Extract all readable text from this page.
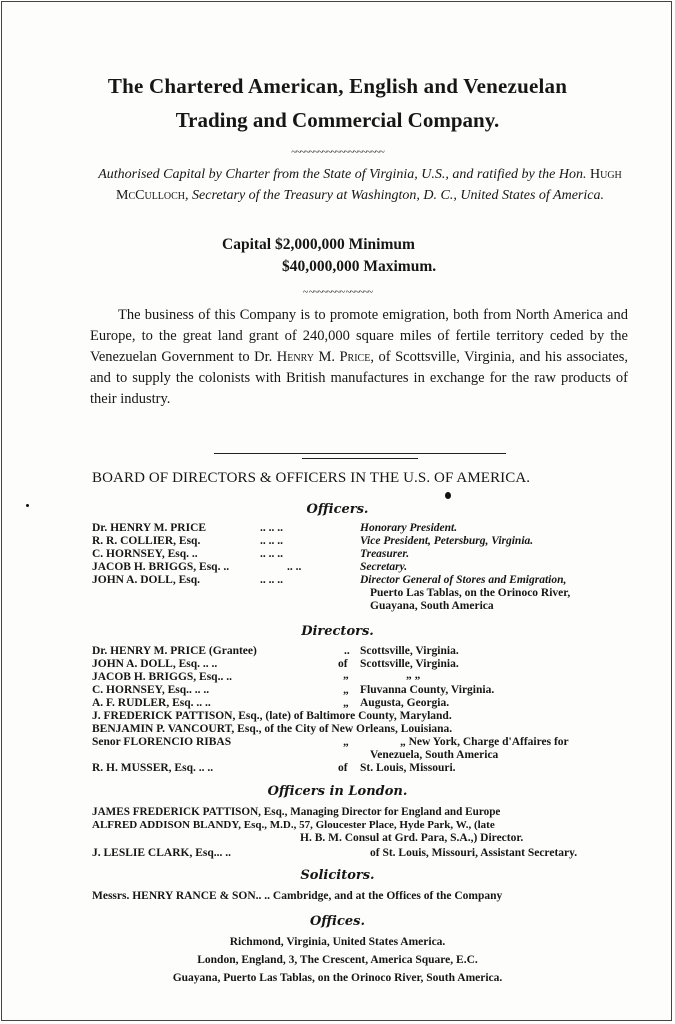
The Chartered American, English and Venezuelan
Trading and Commercial Company.
~~~~~~~~~~~~~~~~~~~~~
Authorised Capital by Charter from the State of Virginia, U.S., and ratified by the Hon. Hugh McCulloch, Secretary of the Treasury at Washington, D. C., United States of America.
Capital $2,000,000 Minimum
$40,000,000 Maximum.
~ ~~~~~~~~ ~~~~~~
The business of this Company is to promote emigration, both from North America and Europe, to the great land grant of 240,000 square miles of fertile territory ceded by the Venezuelan Government to Dr. Henry M. Price, of Scottsville, Virginia, and his associates, and to supply the colonists with British manufactures in exchange for the raw products of their industry.
BOARD OF DIRECTORS & OFFICERS IN THE U.S. OF AMERICA.
Officers.
Dr. HENRY M. PRICE	.. .. ..	Honorary President.
R. R. COLLIER, Esq.	.. .. ..	Vice President, Petersburg, Virginia.
C. HORNSEY, Esq. ..	.. .. ..	Treasurer.
JACOB H. BRIGGS, Esq. ..	.. ..	Secretary.
JOHN A. DOLL, Esq.	.. .. ..	Director General of Stores and Emigration,
Puerto Las Tablas, on the Orinoco River,
Guayana, South America
Directors.
Dr. HENRY M. PRICE (Grantee)	.. Scottsville, Virginia.
JOHN A. DOLL, Esq. .. ..	of Scottsville, Virginia.
JACOB H. BRIGGS, Esq.. ..	„	„ „
C. HORNSEY, Esq.. .. ..	„ Fluvanna County, Virginia.
A. F. RUDLER, Esq. .. ..	„ Augusta, Georgia.
J. FREDERICK PATTISON, Esq., (late) of Baltimore County, Maryland.
BENJAMIN P. VANCOURT, Esq., of the City of New Orleans, Louisiana.
Senor FLORENCIO RIBAS	„	„ New York, Charge d'Affaires for
Venezuela, South America
R. H. MUSSER, Esq. .. ..	of St. Louis, Missouri.
Officers in London.
JAMES FREDERICK PATTISON, Esq., Managing Director for England and Europe
ALFRED ADDISON BLANDY, Esq., M.D., 57, Gloucester Place, Hyde Park, W., (late
H. B. M. Consul at Grd. Para, S.A.,) Director.
J. LESLIE CLARK, Esq... ..	of St. Louis, Missouri, Assistant Secretary.
Solicitors.
Messrs. HENRY RANCE & SON.. .. Cambridge, and at the Offices of the Company
Offices.
Richmond, Virginia, United States America.
London, England, 3, The Crescent, America Square, E.C.
Guayana, Puerto Las Tablas, on the Orinoco River, South America.
